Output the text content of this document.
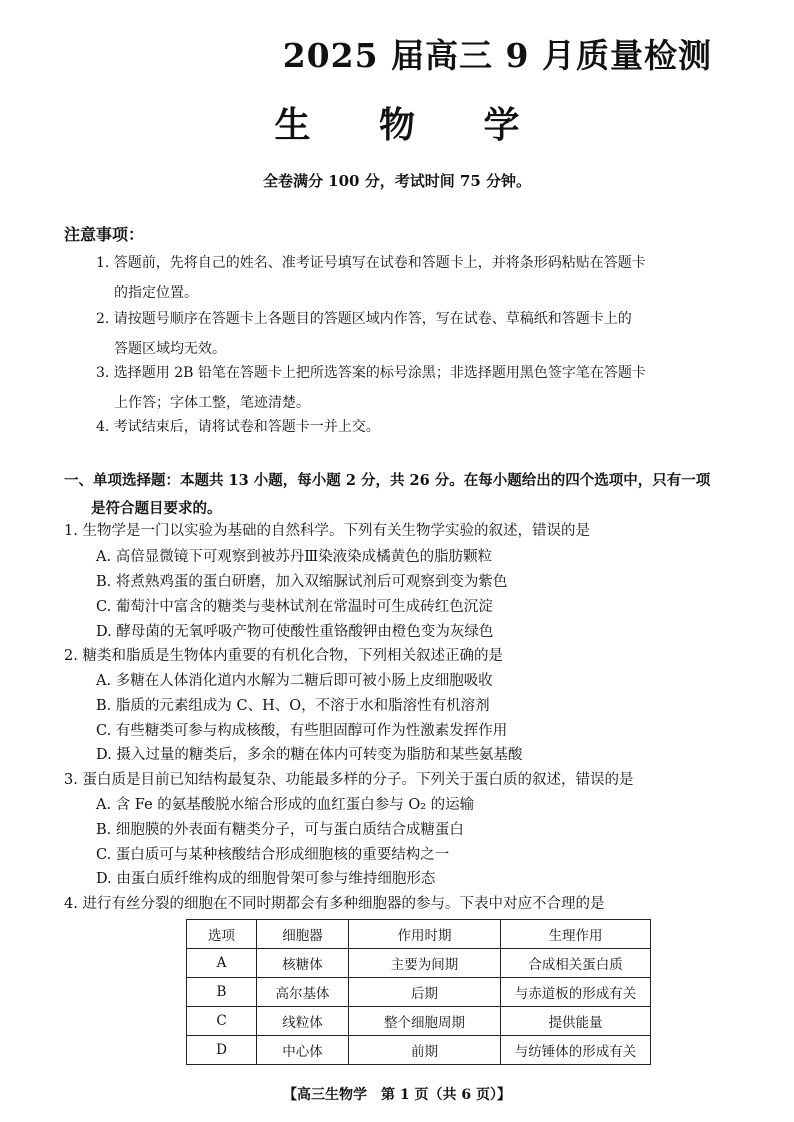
2025 届高三 9 月质量检测
生 物 学
全卷满分 100 分，考试时间 75 分钟。
注意事项：
1. 答题前，先将自己的姓名、准考证号填写在试卷和答题卡上，并将条形码粘贴在答题卡
的指定位置。
2. 请按题号顺序在答题卡上各题目的答题区域内作答，写在试卷、草稿纸和答题卡上的
答题区域均无效。
3. 选择题用 2B 铅笔在答题卡上把所选答案的标号涂黑；非选择题用黑色签字笔在答题卡
上作答；字体工整，笔迹清楚。
4. 考试结束后，请将试卷和答题卡一并上交。
一、单项选择题：本题共 13 小题，每小题 2 分，共 26 分。在每小题给出的四个选项中，只有一项
是符合题目要求的。
1. 生物学是一门以实验为基础的自然科学。下列有关生物学实验的叙述，错误的是
A. 高倍显微镜下可观察到被苏丹Ⅲ染液染成橘黄色的脂肪颗粒
B. 将煮熟鸡蛋的蛋白研磨，加入双缩脲试剂后可观察到变为紫色
C. 葡萄汁中富含的糖类与斐林试剂在常温时可生成砖红色沉淀
D. 酵母菌的无氧呼吸产物可使酸性重铬酸钾由橙色变为灰绿色
2. 糖类和脂质是生物体内重要的有机化合物，下列相关叙述正确的是
A. 多糖在人体消化道内水解为二糖后即可被小肠上皮细胞吸收
B. 脂质的元素组成为 C、H、O，不溶于水和脂溶性有机溶剂
C. 有些糖类可参与构成核酸，有些胆固醇可作为性激素发挥作用
D. 摄入过量的糖类后，多余的糖在体内可转变为脂肪和某些氨基酸
3. 蛋白质是目前已知结构最复杂、功能最多样的分子。下列关于蛋白质的叙述，错误的是
A. 含 Fe 的氨基酸脱水缩合形成的血红蛋白参与 O₂ 的运输
B. 细胞膜的外表面有糖类分子，可与蛋白质结合成糖蛋白
C. 蛋白质可与某种核酸结合形成细胞核的重要结构之一
D. 由蛋白质纤维构成的细胞骨架可参与维持细胞形态
4. 进行有丝分裂的细胞在不同时期都会有多种细胞器的参与。下表中对应不合理的是
选项	细胞器	作用时期	生理作用
A	核糖体	主要为间期	合成相关蛋白质
B	高尔基体	后期	与赤道板的形成有关
C	线粒体	整个细胞周期	提供能量
D	中心体	前期	与纺锤体的形成有关
【高三生物学　第 1 页（共 6 页）】
